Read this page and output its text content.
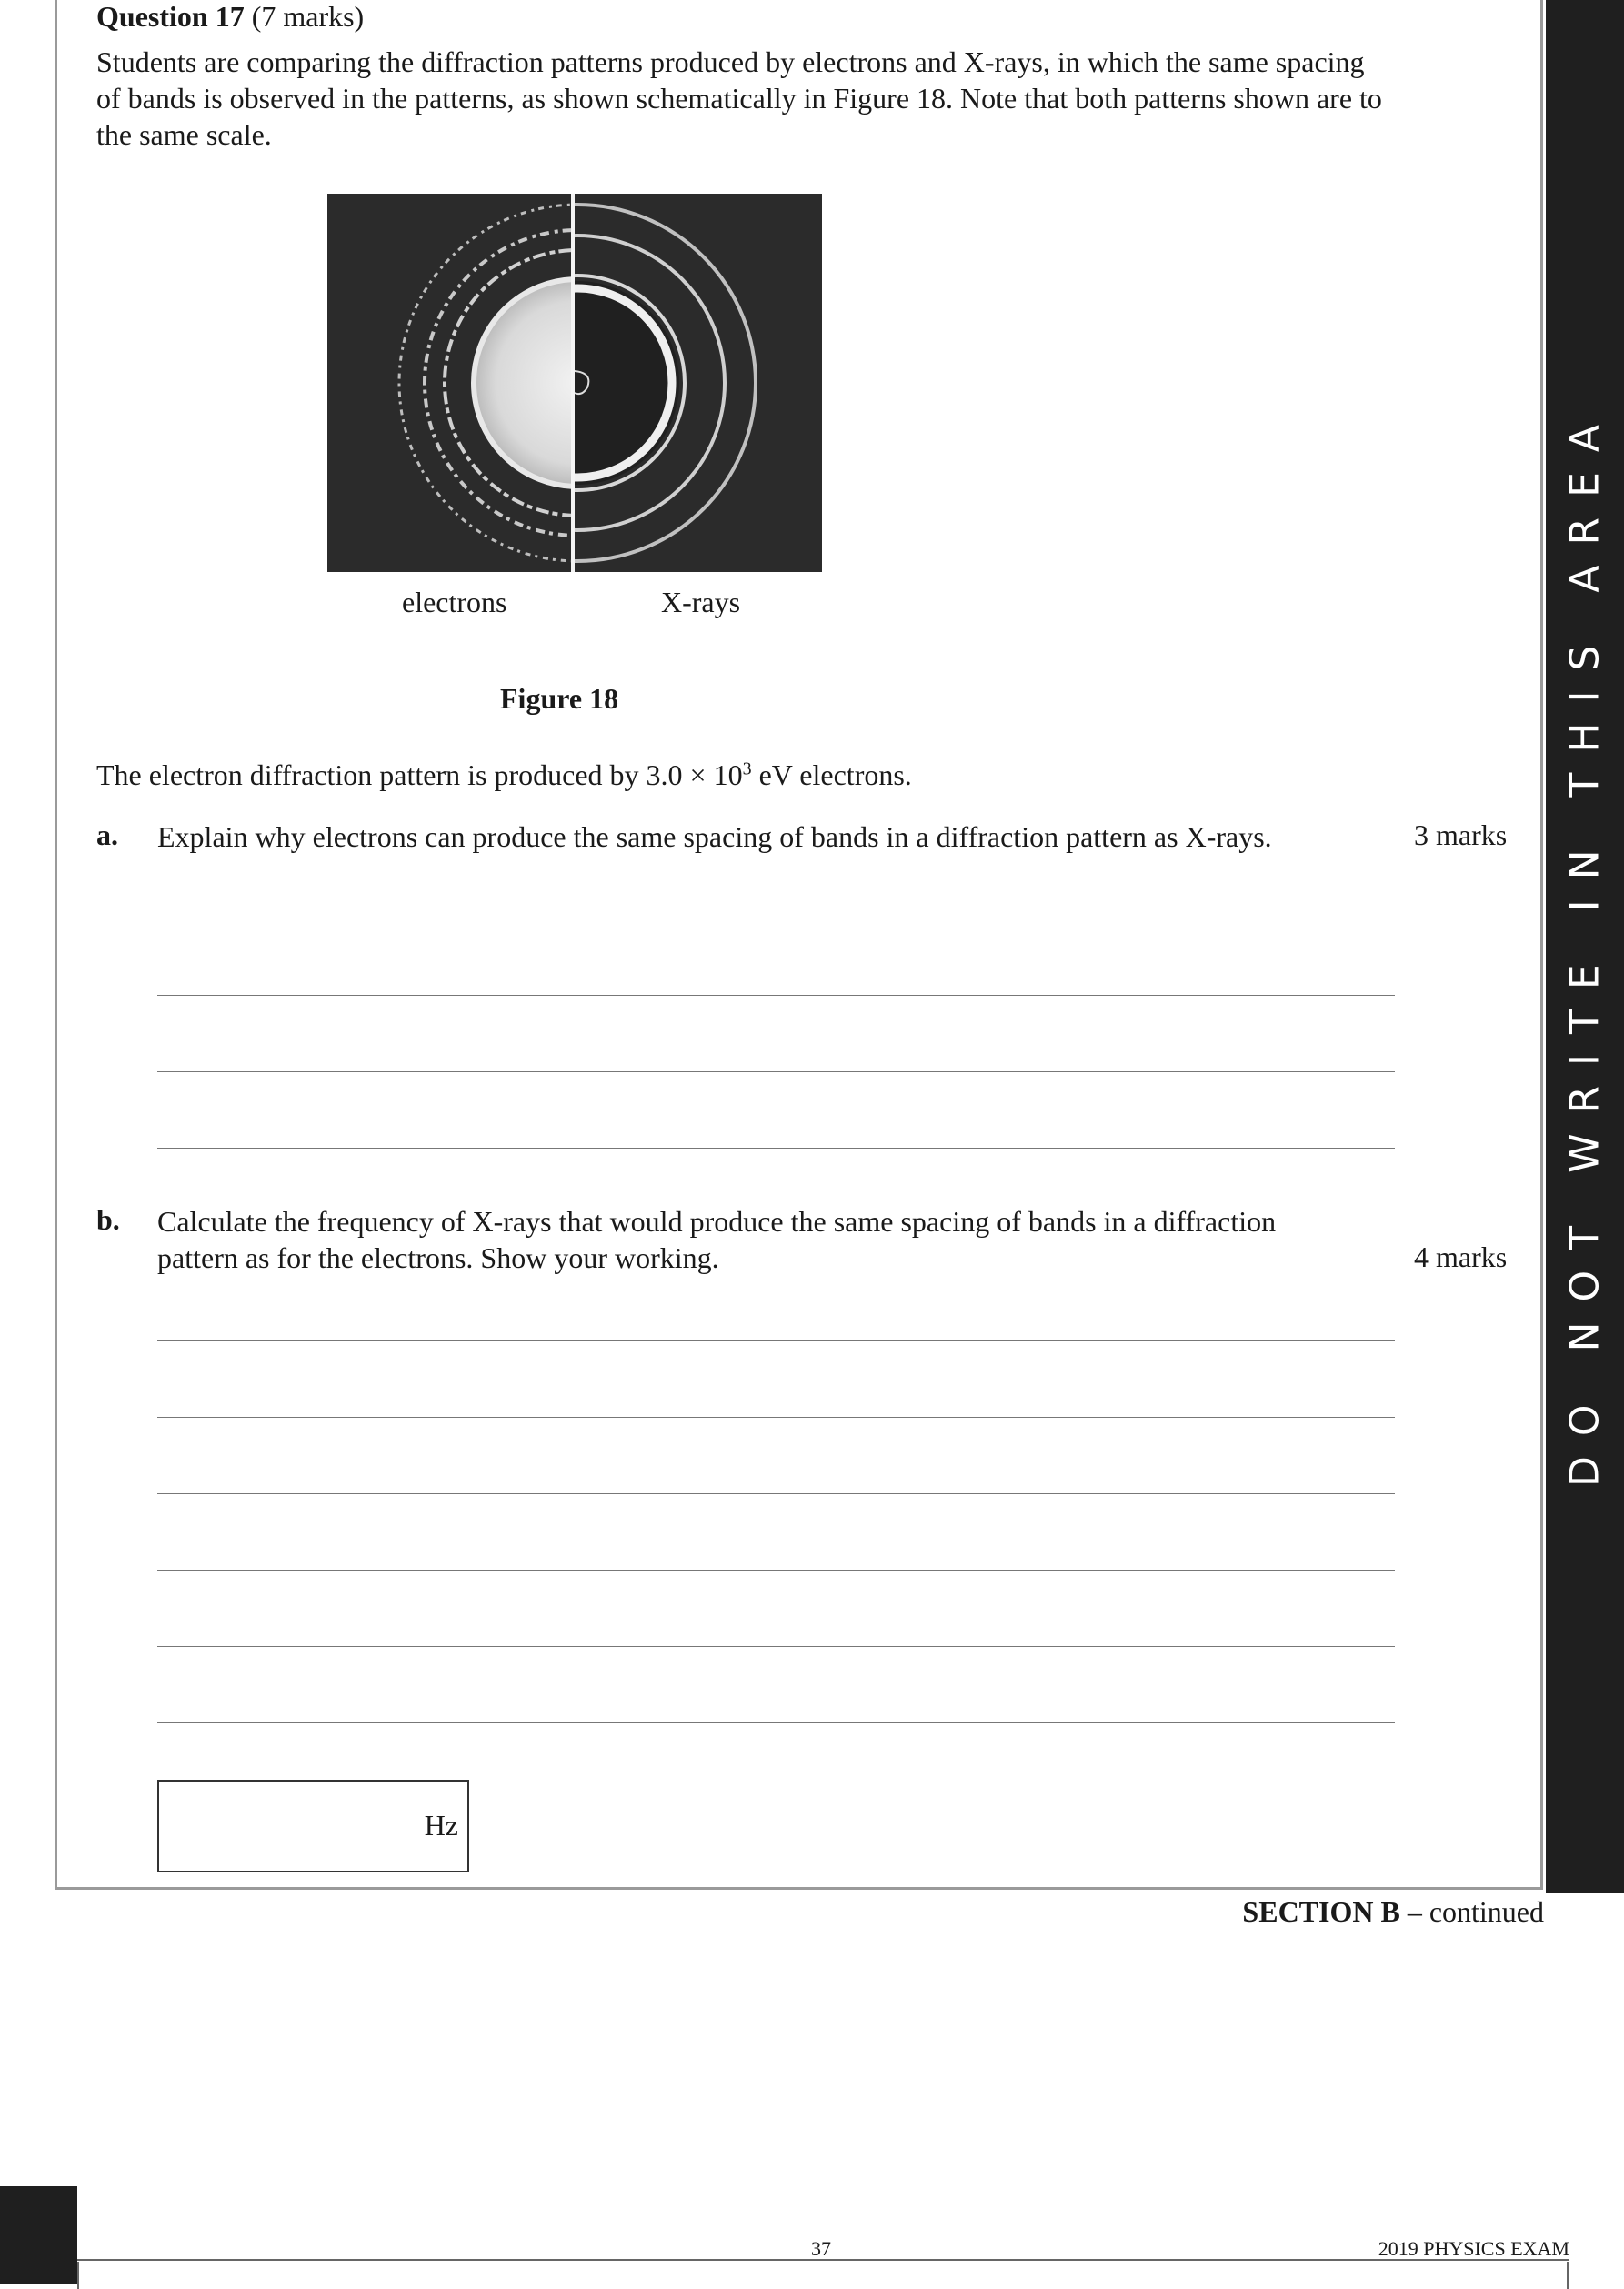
DO NOT WRITE IN THIS AREA
Question 17 (7 marks)
Students are comparing the diffraction patterns produced by electrons and X-rays, in which the same spacing of bands is observed in the patterns, as shown schematically in Figure 18. Note that both patterns shown are to the same scale.
electrons	X-rays
Figure 18
The electron diffraction pattern is produced by $3.0 \times 10^3$ eV electrons.
a. Explain why electrons can produce the same spacing of bands in a diffraction pattern as X-rays.	3 marks
b. Calculate the frequency of X-rays that would produce the same spacing of bands in a diffraction pattern as for the electrons. Show your working.	4 marks
Hz
SECTION B – continued
37	2019 PHYSICS EXAM
